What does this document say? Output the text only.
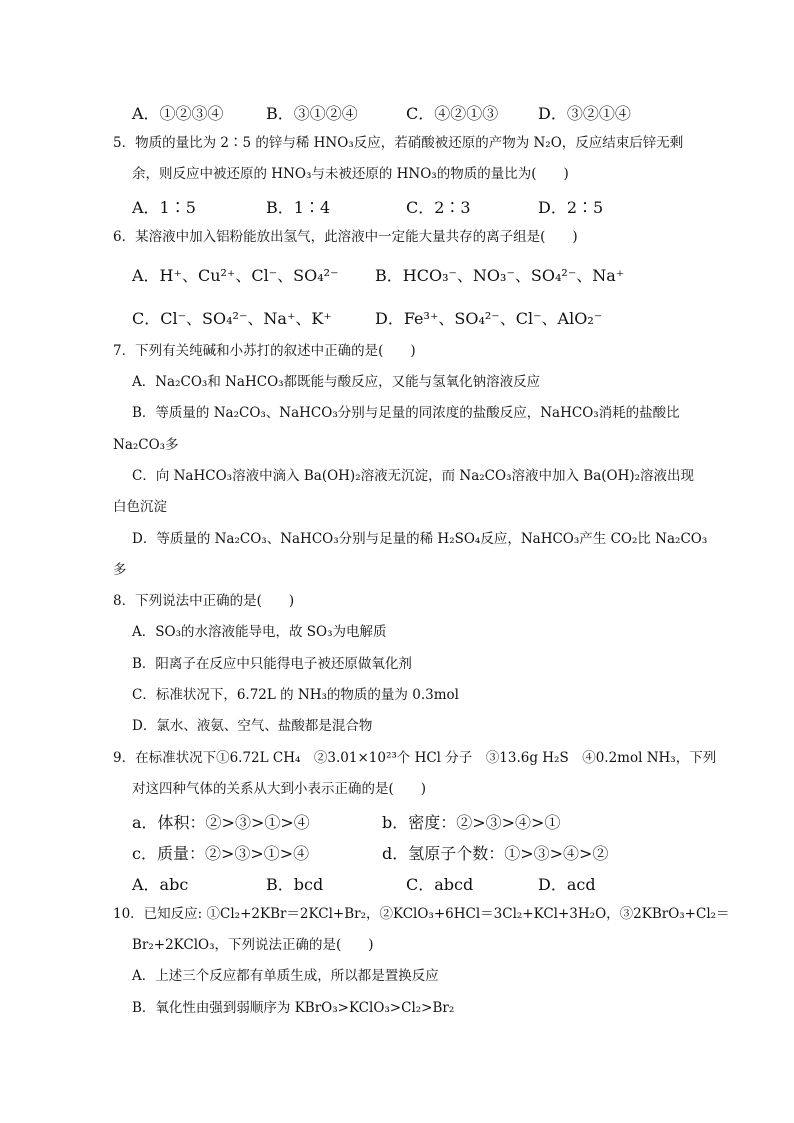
A．①②③④	B．③①②④	C．④②①③ D．③②①④
5．物质的量比为 2∶5 的锌与稀 HNO₃反应，若硝酸被还原的产物为 N₂O，反应结束后锌无剩
余，则反应中被还原的 HNO₃与未被还原的 HNO₃的物质的量比为(　　)
A．1∶5	B．1∶4	C．2∶3	D．2∶5
6．某溶液中加入铝粉能放出氢气，此溶液中一定能大量共存的离子组是(　　)
A．H⁺、Cu²⁺、Cl⁻、SO₄²⁻ B．HCO₃⁻、NO₃⁻、SO₄²⁻、Na⁺
C．Cl⁻、SO₄²⁻、Na⁺、K⁺	D．Fe³⁺、SO₄²⁻、Cl⁻、AlO₂⁻
7．下列有关纯碱和小苏打的叙述中正确的是(　　)
A．Na₂CO₃和 NaHCO₃都既能与酸反应，又能与氢氧化钠溶液反应
B．等质量的 Na₂CO₃、NaHCO₃分别与足量的同浓度的盐酸反应，NaHCO₃消耗的盐酸比
Na₂CO₃多
C．向 NaHCO₃溶液中滴入 Ba(OH)₂溶液无沉淀，而 Na₂CO₃溶液中加入 Ba(OH)₂溶液出现
白色沉淀
D．等质量的 Na₂CO₃、NaHCO₃分别与足量的稀 H₂SO₄反应，NaHCO₃产生 CO₂比 Na₂CO₃
多
8．下列说法中正确的是(　　)
A．SO₃的水溶液能导电，故 SO₃为电解质
B．阳离子在反应中只能得电子被还原做氧化剂
C．标准状况下，6.72L 的 NH₃的物质的量为 0.3mol
D．氯水、液氨、空气、盐酸都是混合物
9．在标准状况下①6.72L CH₄　②3.01×10²³个 HCl 分子　③13.6g H₂S　④0.2mol NH₃，下列
对这四种气体的关系从大到小表示正确的是(　　)
a．体积：②>③>①>④	b．密度：②>③>④>①
c．质量：②>③>①>④	d．氢原子个数：①>③>④>②
A．abc	B．bcd	C．abcd	D．acd
10．已知反应: ①Cl₂+2KBr＝2KCl+Br₂，②KClO₃+6HCl＝3Cl₂+KCl+3H₂O，③2KBrO₃+Cl₂＝
Br₂+2KClO₃，下列说法正确的是(　　)
A．上述三个反应都有单质生成，所以都是置换反应
B．氧化性由强到弱顺序为 KBrO₃>KClO₃>Cl₂>Br₂
